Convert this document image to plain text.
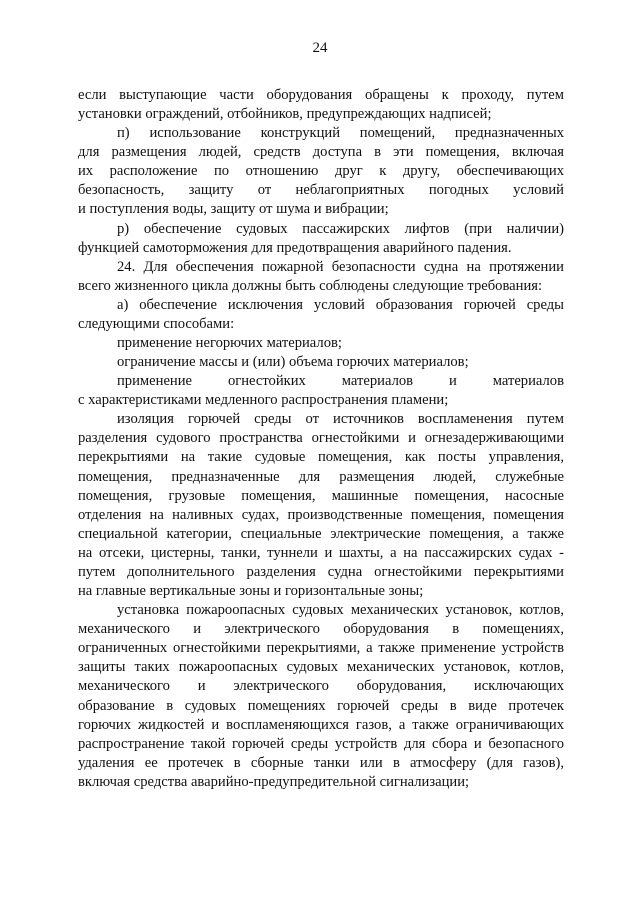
24
если выступающие части оборудования обращены к проходу, путем
установки ограждений, отбойников, предупреждающих надписей;
п) использование конструкций помещений, предназначенных
для размещения людей, средств доступа в эти помещения, включая
их расположение по отношению друг к другу, обеспечивающих
безопасность, защиту от неблагоприятных погодных условий
и поступления воды, защиту от шума и вибрации;
р) обеспечение судовых пассажирских лифтов (при наличии)
функцией самоторможения для предотвращения аварийного падения.
24. Для обеспечения пожарной безопасности судна на протяжении
всего жизненного цикла должны быть соблюдены следующие требования:
а) обеспечение исключения условий образования горючей среды
следующими способами:
применение негорючих материалов;
ограничение массы и (или) объема горючих материалов;
применение огнестойких материалов и материалов
с характеристиками медленного распространения пламени;
изоляция горючей среды от источников воспламенения путем
разделения судового пространства огнестойкими и огнезадерживающими
перекрытиями на такие судовые помещения, как посты управления,
помещения, предназначенные для размещения людей, служебные
помещения, грузовые помещения, машинные помещения, насосные
отделения на наливных судах, производственные помещения, помещения
специальной категории, специальные электрические помещения, а также
на отсеки, цистерны, танки, туннели и шахты, а на пассажирских судах -
путем дополнительного разделения судна огнестойкими перекрытиями
на главные вертикальные зоны и горизонтальные зоны;
установка пожароопасных судовых механических установок, котлов,
механического и электрического оборудования в помещениях,
ограниченных огнестойкими перекрытиями, а также применение устройств
защиты таких пожароопасных судовых механических установок, котлов,
механического и электрического оборудования, исключающих
образование в судовых помещениях горючей среды в виде протечек
горючих жидкостей и воспламеняющихся газов, а также ограничивающих
распространение такой горючей среды устройств для сбора и безопасного
удаления ее протечек в сборные танки или в атмосферу (для газов),
включая средства аварийно-предупредительной сигнализации;
